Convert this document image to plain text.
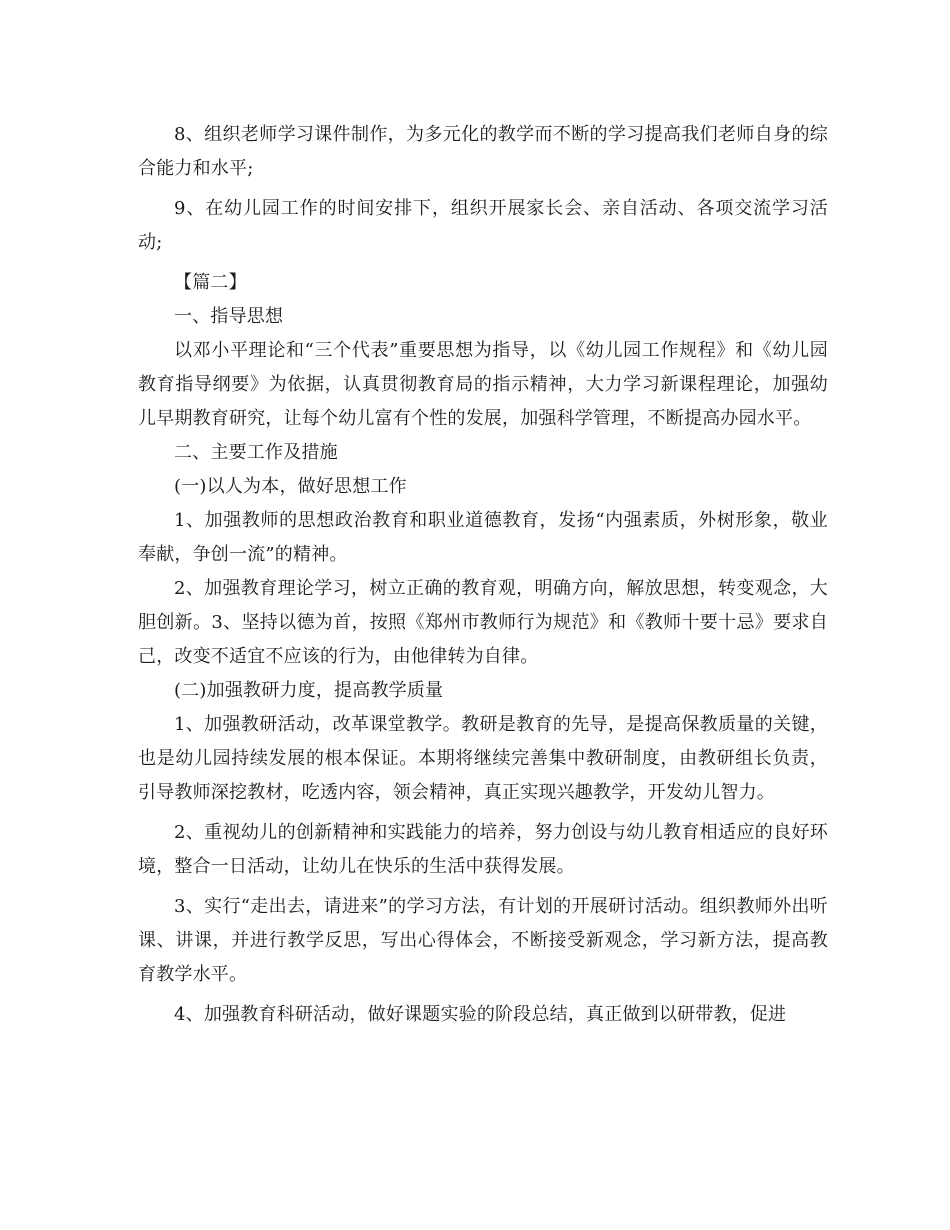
8、组织老师学习课件制作，为多元化的教学而不断的学习提高我们老师自身的综合能力和水平;

9、在幼儿园工作的时间安排下，组织开展家长会、亲自活动、各项交流学习活动;

【篇二】

一、指导思想

以邓小平理论和“三个代表”重要思想为指导，以《幼儿园工作规程》和《幼儿园教育指导纲要》为依据，认真贯彻教育局的指示精神，大力学习新课程理论，加强幼儿早期教育研究，让每个幼儿富有个性的发展，加强科学管理，不断提高办园水平。

二、主要工作及措施

(一)以人为本，做好思想工作

1、加强教师的思想政治教育和职业道德教育，发扬“内强素质，外树形象，敬业奉献，争创一流”的精神。

2、加强教育理论学习，树立正确的教育观，明确方向，解放思想，转变观念，大胆创新。3、坚持以德为首，按照《郑州市教师行为规范》和《教师十要十忌》要求自己，改变不适宜不应该的行为，由他律转为自律。

(二)加强教研力度，提高教学质量

1、加强教研活动，改革课堂教学。教研是教育的先导，是提高保教质量的关键，也是幼儿园持续发展的根本保证。本期将继续完善集中教研制度，由教研组长负责，引导教师深挖教材，吃透内容，领会精神，真正实现兴趣教学，开发幼儿智力。

2、重视幼儿的创新精神和实践能力的培养，努力创设与幼儿教育相适应的良好环境，整合一日活动，让幼儿在快乐的生活中获得发展。

3、实行“走出去，请进来”的学习方法，有计划的开展研讨活动。组织教师外出听课、讲课，并进行教学反思，写出心得体会，不断接受新观念，学习新方法，提高教育教学水平。

4、加强教育科研活动，做好课题实验的阶段总结，真正做到以研带教，促进
